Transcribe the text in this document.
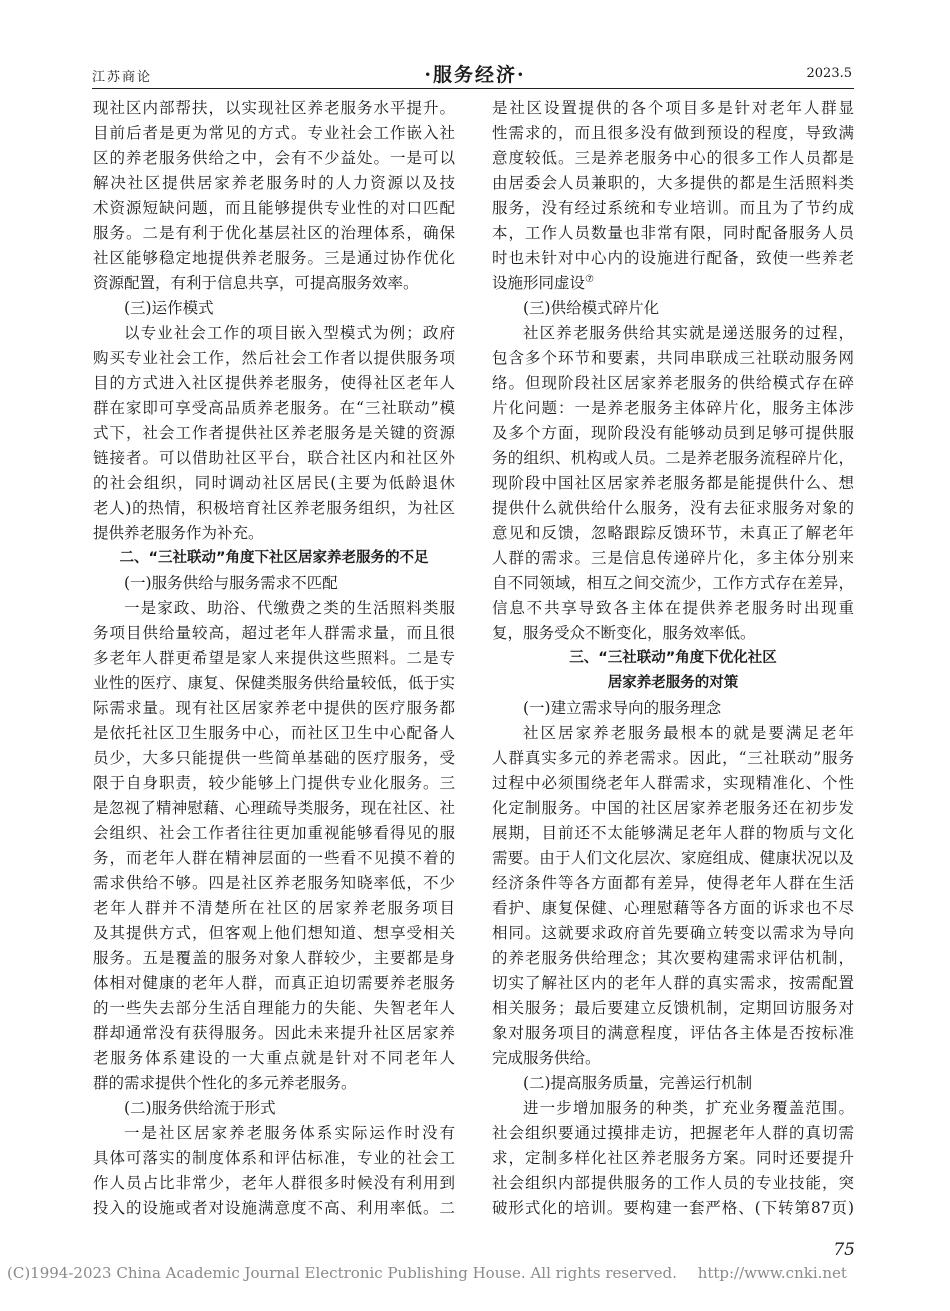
江苏商论	·服务经济·	2023.5
现社区内部帮扶，以实现社区养老服务水平提升。
目前后者是更为常见的方式。专业社会工作嵌入社
区的养老服务供给之中，会有不少益处。一是可以
解决社区提供居家养老服务时的人力资源以及技
术资源短缺问题，而且能够提供专业性的对口匹配
服务。二是有利于优化基层社区的治理体系，确保
社区能够稳定地提供养老服务。三是通过协作优化
资源配置，有利于信息共享，可提高服务效率。
(三)运作模式
以专业社会工作的项目嵌入型模式为例；政府
购买专业社会工作，然后社会工作者以提供服务项
目的方式进入社区提供养老服务，使得社区老年人
群在家即可享受高品质养老服务。在“三社联动”模
式下，社会工作者提供社区养老服务是关键的资源
链接者。可以借助社区平台，联合社区内和社区外
的社会组织，同时调动社区居民(主要为低龄退休
老人)的热情，积极培育社区养老服务组织，为社区
提供养老服务作为补充。
二、“三社联动”角度下社区居家养老服务的不足
(一)服务供给与服务需求不匹配
一是家政、助浴、代缴费之类的生活照料类服
务项目供给量较高，超过老年人群需求量，而且很
多老年人群更希望是家人来提供这些照料。二是专
业性的医疗、康复、保健类服务供给量较低，低于实
际需求量。现有社区居家养老中提供的医疗服务都
是依托社区卫生服务中心，而社区卫生中心配备人
员少，大多只能提供一些简单基础的医疗服务，受
限于自身职责，较少能够上门提供专业化服务。三
是忽视了精神慰藉、心理疏导类服务，现在社区、社
会组织、社会工作者往往更加重视能够看得见的服
务，而老年人群在精神层面的一些看不见摸不着的
需求供给不够。四是社区养老服务知晓率低，不少
老年人群并不清楚所在社区的居家养老服务项目
及其提供方式，但客观上他们想知道、想享受相关
服务。五是覆盖的服务对象人群较少，主要都是身
体相对健康的老年人群，而真正迫切需要养老服务
的一些失去部分生活自理能力的失能、失智老年人
群却通常没有获得服务。因此未来提升社区居家养
老服务体系建设的一大重点就是针对不同老年人
群的需求提供个性化的多元养老服务。
(二)服务供给流于形式
一是社区居家养老服务体系实际运作时没有
具体可落实的制度体系和评估标准，专业的社会工
作人员占比非常少，老年人群很多时候没有利用到
投入的设施或者对设施满意度不高、利用率低。二
是社区设置提供的各个项目多是针对老年人群显
性需求的，而且很多没有做到预设的程度，导致满
意度较低。三是养老服务中心的很多工作人员都是
由居委会人员兼职的，大多提供的都是生活照料类
服务，没有经过系统和专业培训。而且为了节约成
本，工作人员数量也非常有限，同时配备服务人员
时也未针对中心内的设施进行配备，致使一些养老
设施形同虚设⑦
(三)供给模式碎片化
社区养老服务供给其实就是递送服务的过程，
包含多个环节和要素，共同串联成三社联动服务网
络。但现阶段社区居家养老服务的供给模式存在碎
片化问题：一是养老服务主体碎片化，服务主体涉
及多个方面，现阶段没有能够动员到足够可提供服
务的组织、机构或人员。二是养老服务流程碎片化，
现阶段中国社区居家养老服务都是能提供什么、想
提供什么就供给什么服务，没有去征求服务对象的
意见和反馈，忽略跟踪反馈环节，未真正了解老年
人群的需求。三是信息传递碎片化，多主体分别来
自不同领域，相互之间交流少，工作方式存在差异，
信息不共享导致各主体在提供养老服务时出现重
复，服务受众不断变化，服务效率低。
三、“三社联动”角度下优化社区
居家养老服务的对策
(一)建立需求导向的服务理念
社区居家养老服务最根本的就是要满足老年
人群真实多元的养老需求。因此，“三社联动”服务
过程中必须围绕老年人群需求，实现精准化、个性
化定制服务。中国的社区居家养老服务还在初步发
展期，目前还不太能够满足老年人群的物质与文化
需要。由于人们文化层次、家庭组成、健康状况以及
经济条件等各方面都有差异，使得老年人群在生活
看护、康复保健、心理慰藉等各方面的诉求也不尽
相同。这就要求政府首先要确立转变以需求为导向
的养老服务供给理念；其次要构建需求评估机制，
切实了解社区内的老年人群的真实需求，按需配置
相关服务；最后要建立反馈机制，定期回访服务对
象对服务项目的满意程度，评估各主体是否按标准
完成服务供给。
(二)提高服务质量，完善运行机制
进一步增加服务的种类，扩充业务覆盖范围。
社会组织要通过摸排走访，把握老年人群的真切需
求，定制多样化社区养老服务方案。同时还要提升
社会组织内部提供服务的工作人员的专业技能，突
破形式化的培训。要构建一套严格、(下转第87页)
75
(C)1994-2023 China Academic Journal Electronic Publishing House. All rights reserved. http://www.cnki.net
